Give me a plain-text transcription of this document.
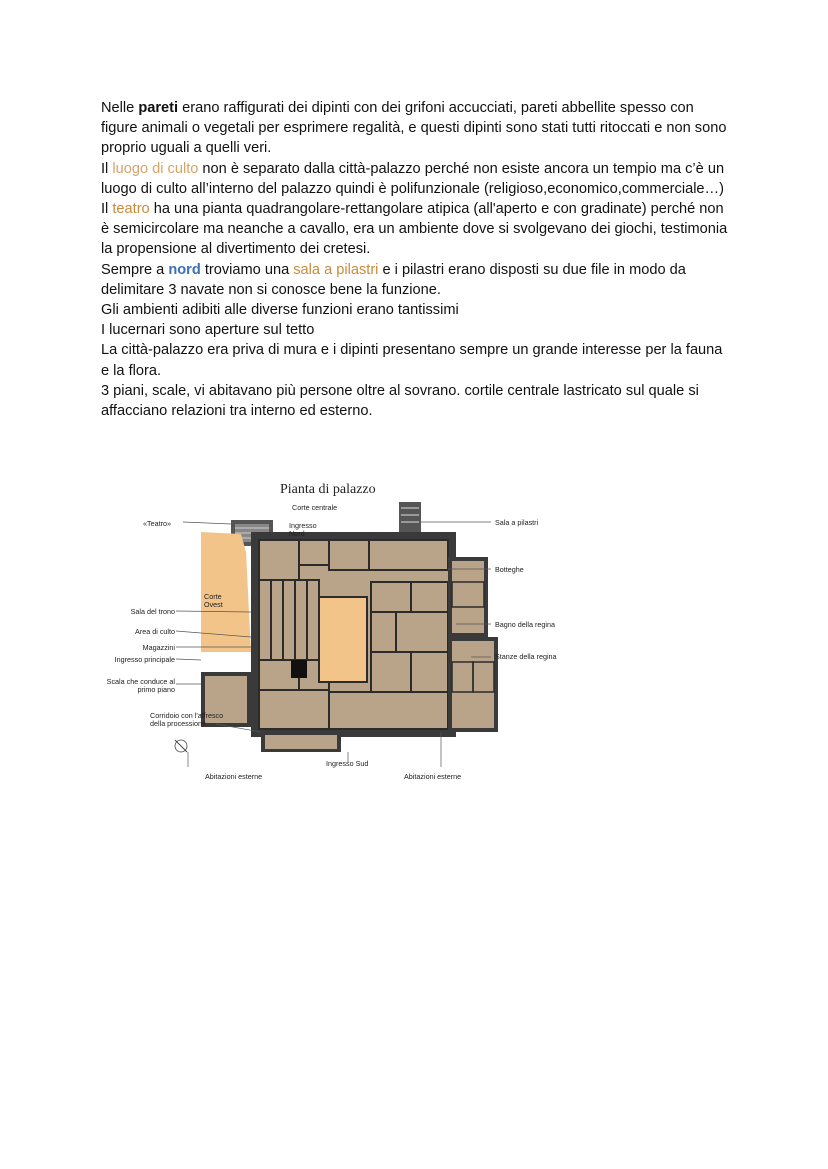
Nelle pareti erano raffigurati dei dipinti con dei grifoni accucciati, pareti abbellite spesso con figure animali o vegetali per esprimere regalità, e questi dipinti sono stati tutti ritoccati e non sono proprio uguali a quelli veri.

Il luogo di culto non è separato dalla città-palazzo perché non esiste ancora un tempio ma c’è un luogo di culto all’interno del palazzo quindi è polifunzionale (religioso,economico,commerciale…)

Il teatro ha una pianta quadrangolare-rettangolare atipica (all'aperto e con gradinate) perché non è semicircolare ma neanche a cavallo, era un ambiente dove si svolgevano dei giochi, testimonia la propensione al divertimento dei cretesi.

Sempre a nord troviamo una sala a pilastri e i pilastri erano disposti su due file in modo da delimitare 3 navate non si conosce bene la funzione.

Gli ambienti adibiti alle diverse funzioni erano tantissimi

I lucernari sono aperture sul tetto

La città-palazzo era priva di mura e i dipinti presentano sempre un grande interesse per la fauna e la flora.

3 piani, scale, vi abitavano più persone oltre al sovrano. cortile centrale lastricato sul quale si affacciano relazioni tra interno ed esterno.

Pianta di palazzo
Corte centrale
«Teatro»	Ingresso Nord
Sala a pilastri
Botteghe
Corte Ovest
Sala del trono
Area di culto
Magazzini
Ingresso principale
Bagno della regina
Stanze della regina
Scala che conduce al primo piano
Corridoio con l'affresco della processione
Ingresso Sud
Abitazioni esterne	Abitazioni esterne
